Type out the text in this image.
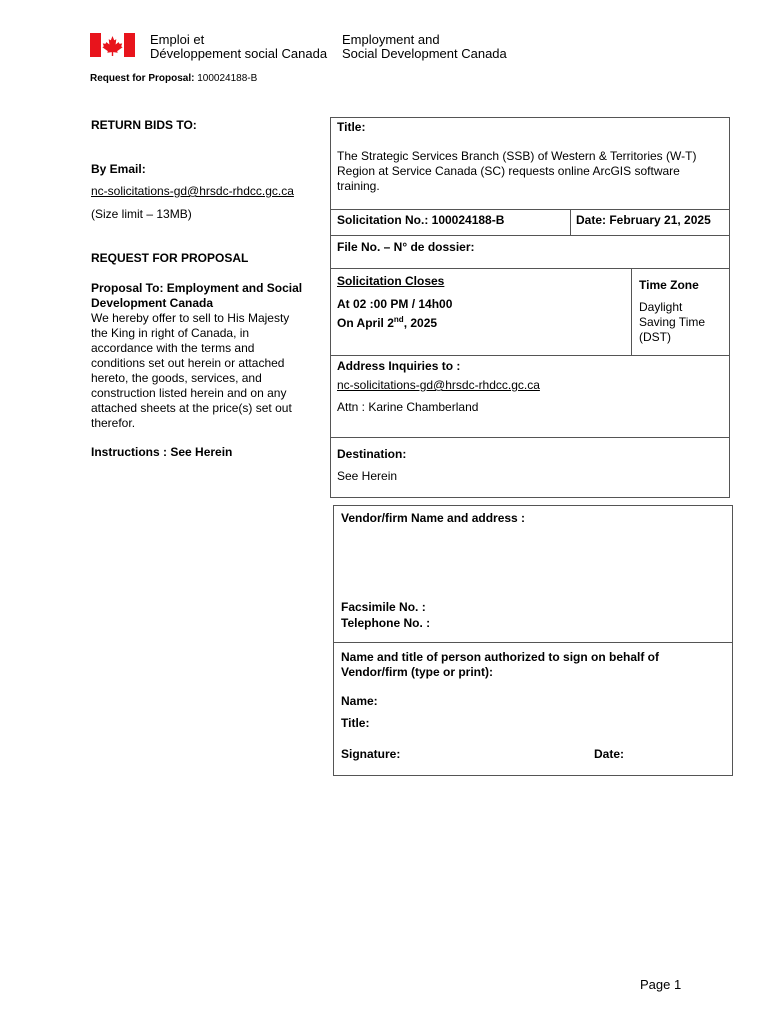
Emploi et
Développement social Canada
Employment and
Social Development Canada
Request for Proposal: 100024188-B
RETURN BIDS TO:
By Email:
nc-solicitations-gd@hrsdc-rhdcc.gc.ca
(Size limit – 13MB)
REQUEST FOR PROPOSAL
Proposal To: Employment and Social
Development Canada
We hereby offer to sell to His Majesty
the King in right of Canada, in
accordance with the terms and
conditions set out herein or attached
hereto, the goods, services, and
construction listed herein and on any
attached sheets at the price(s) set out
therefor.
Instructions : See Herein
Title:
The Strategic Services Branch (SSB) of Western & Territories (W-T)
Region at Service Canada (SC) requests online ArcGIS software
training.
Solicitation No.: 100024188-B	Date: February 21, 2025
File No. – N° de dossier:
Solicitation Closes
At 02 :00 PM / 14h00
On April 2nd, 2025
Time Zone
Daylight
Saving Time
(DST)
Address Inquiries to :
nc-solicitations-gd@hrsdc-rhdcc.gc.ca
Attn : Karine Chamberland
Destination:
See Herein
Vendor/firm Name and address :
Facsimile No. :
Telephone No. :
Name and title of person authorized to sign on behalf of
Vendor/firm (type or print):
Name:
Title:
Signature:	Date:
Page 1
